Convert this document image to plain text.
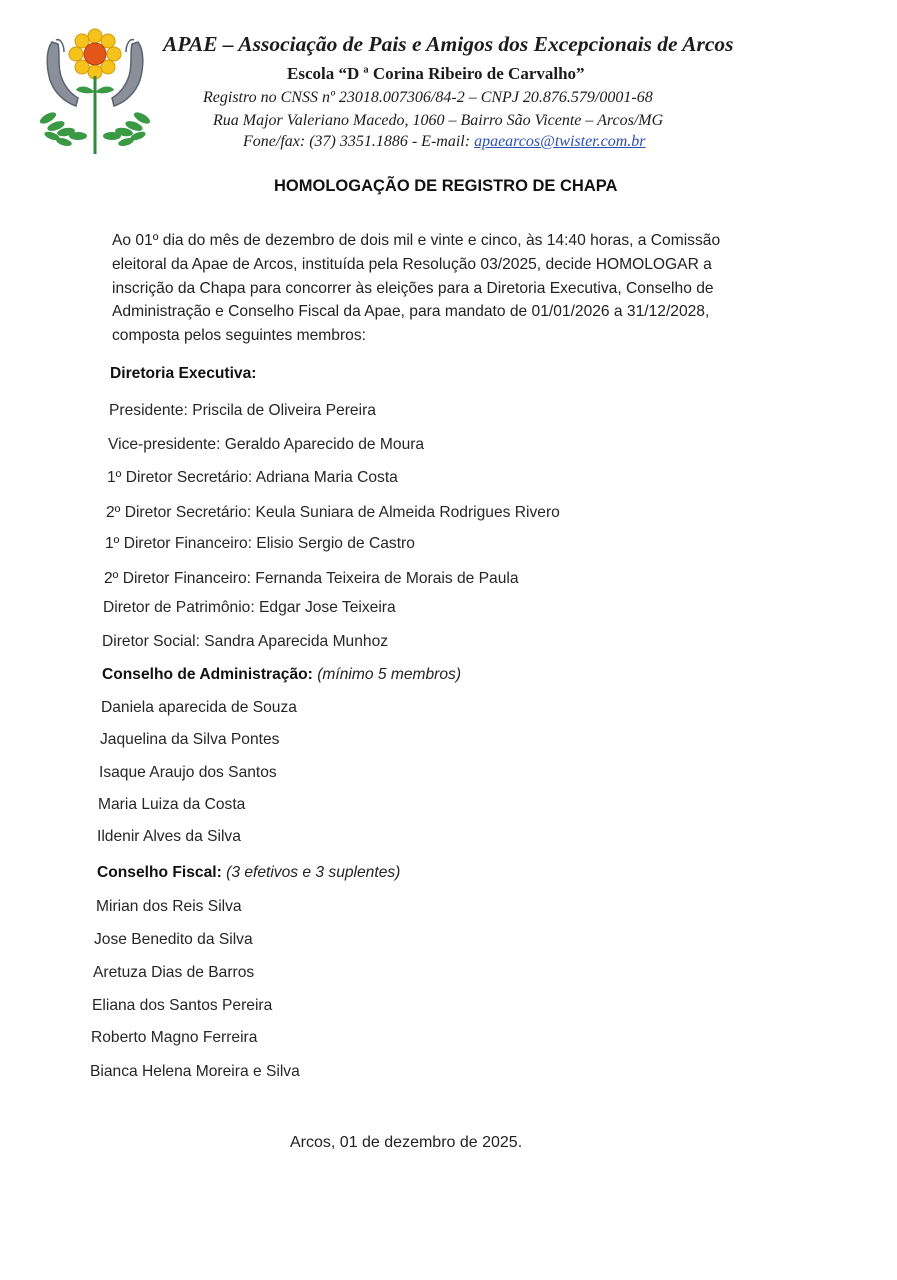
APAE – Associação de Pais e Amigos dos Excepcionais de Arcos
Escola “D ª Corina Ribeiro de Carvalho”
Registro no CNSS nº 23018.007306/84-2 – CNPJ 20.876.579/0001-68
Rua Major Valeriano Macedo, 1060 – Bairro São Vicente – Arcos/MG
Fone/fax: (37) 3351.1886 - E-mail: apaearcos@twister.com.br
HOMOLOGAÇÃO DE REGISTRO DE CHAPA
Ao 01º dia do mês de dezembro de dois mil e vinte e cinco, às 14:40 horas, a Comissão
eleitoral da Apae de Arcos, instituída pela Resolução 03/2025, decide HOMOLOGAR a
inscrição da Chapa para concorrer às eleições para a Diretoria Executiva, Conselho de
Administração e Conselho Fiscal da Apae, para mandato de 01/01/2026 a 31/12/2028,
composta pelos seguintes membros:
Diretoria Executiva:
Presidente: Priscila de Oliveira Pereira
Vice-presidente: Geraldo Aparecido de Moura
1º Diretor Secretário: Adriana Maria Costa
2º Diretor Secretário: Keula Suniara de Almeida Rodrigues Rivero
1º Diretor Financeiro: Elisio Sergio de Castro
2º Diretor Financeiro: Fernanda Teixeira de Morais de Paula
Diretor de Patrimônio: Edgar Jose Teixeira
Diretor Social: Sandra Aparecida Munhoz
Conselho de Administração: (mínimo 5 membros)
Daniela aparecida de Souza
Jaquelina da Silva Pontes
Isaque Araujo dos Santos
Maria Luiza da Costa
Ildenir Alves da Silva
Conselho Fiscal: (3 efetivos e 3 suplentes)
Mirian dos Reis Silva
Jose Benedito da Silva
Aretuza Dias de Barros
Eliana dos Santos Pereira
Roberto Magno Ferreira
Bianca Helena Moreira e Silva
Arcos, 01 de dezembro de 2025.
